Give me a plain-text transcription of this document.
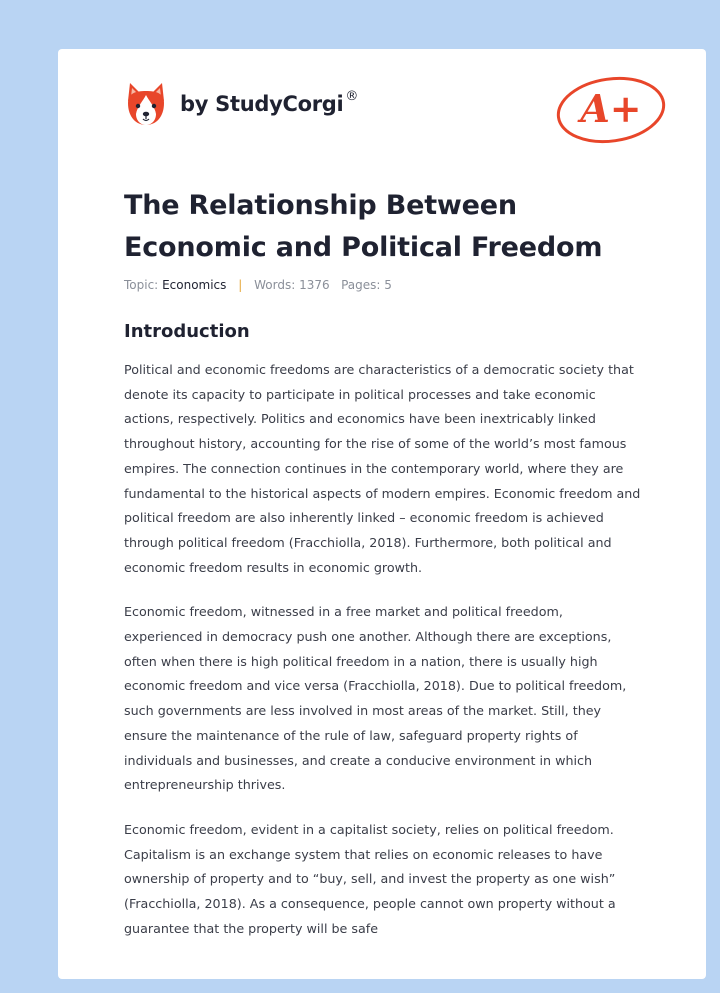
by StudyCorgi ®	A+
The Relationship Between Economic and Political Freedom
Topic: Economics | Words: 1376 Pages: 5
Introduction

Political and economic freedoms are characteristics of a democratic society that denote its capacity to participate in political processes and take economic actions, respectively. Politics and economics have been inextricably linked throughout history, accounting for the rise of some of the world’s most famous empires. The connection continues in the contemporary world, where they are fundamental to the historical aspects of modern empires. Economic freedom and political freedom are also inherently linked – economic freedom is achieved through political freedom (Fracchiolla, 2018). Furthermore, both political and economic freedom results in economic growth.

Economic freedom, witnessed in a free market and political freedom, experienced in democracy push one another. Although there are exceptions, often when there is high political freedom in a nation, there is usually high economic freedom and vice versa (Fracchiolla, 2018). Due to political freedom, such governments are less involved in most areas of the market. Still, they ensure the maintenance of the rule of law, safeguard property rights of individuals and businesses, and create a conducive environment in which entrepreneurship thrives.

Economic freedom, evident in a capitalist society, relies on political freedom. Capitalism is an exchange system that relies on economic releases to have ownership of property and to “buy, sell, and invest the property as one wish” (Fracchiolla, 2018). As a consequence, people cannot own property without a guarantee that the property will be safe
